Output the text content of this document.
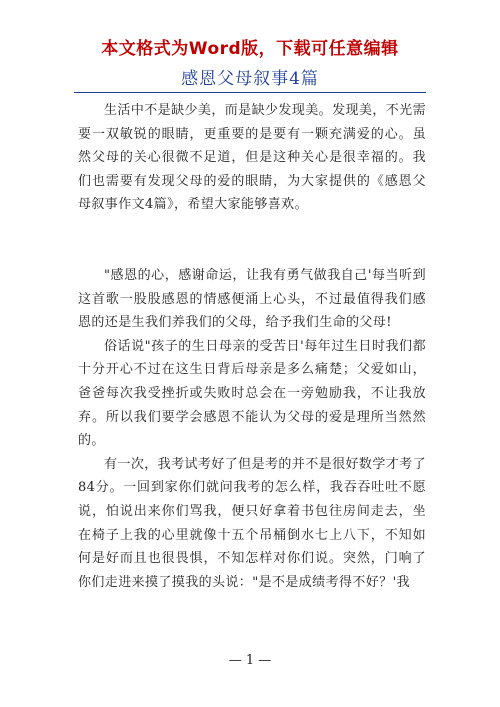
本文格式为Word版，下载可任意编辑
感恩父母叙事4篇

生活中不是缺少美，而是缺少发现美。发现美，不光需要一双敏锐的眼睛，更重要的是要有一颗充满爱的心。虽然父母的关心很微不足道，但是这种关心是很幸福的。我们也需要有发现父母的爱的眼睛，为大家提供的《感恩父母叙事作文4篇》，希望大家能够喜欢。

"感恩的心，感谢命运，让我有勇气做我自己'每当听到这首歌一股股感恩的情感便涌上心头，不过最值得我们感恩的还是生我们养我们的父母，给予我们生命的父母!

俗话说"孩子的生日母亲的受苦日'每年过生日时我们都十分开心不过在这生日背后母亲是多么痛楚；父爱如山，爸爸每次我受挫折或失败时总会在一旁勉励我，不让我放弃。所以我们要学会感恩不能认为父母的爱是理所当然然的。

有一次，我考试考好了但是考的并不是很好数学才考了84分。一回到家你们就问我考的怎么样，我吞吞吐吐不愿说，怕说出来你们骂我，便只好拿着书包往房间走去，坐在椅子上我的心里就像十五个吊桶倒水七上八下，不知如何是好而且也很畏惧，不知怎样对你们说。突然，门响了你们走进来摸了摸我的头说："是不是成绩考得不好？'我

— 1 —
